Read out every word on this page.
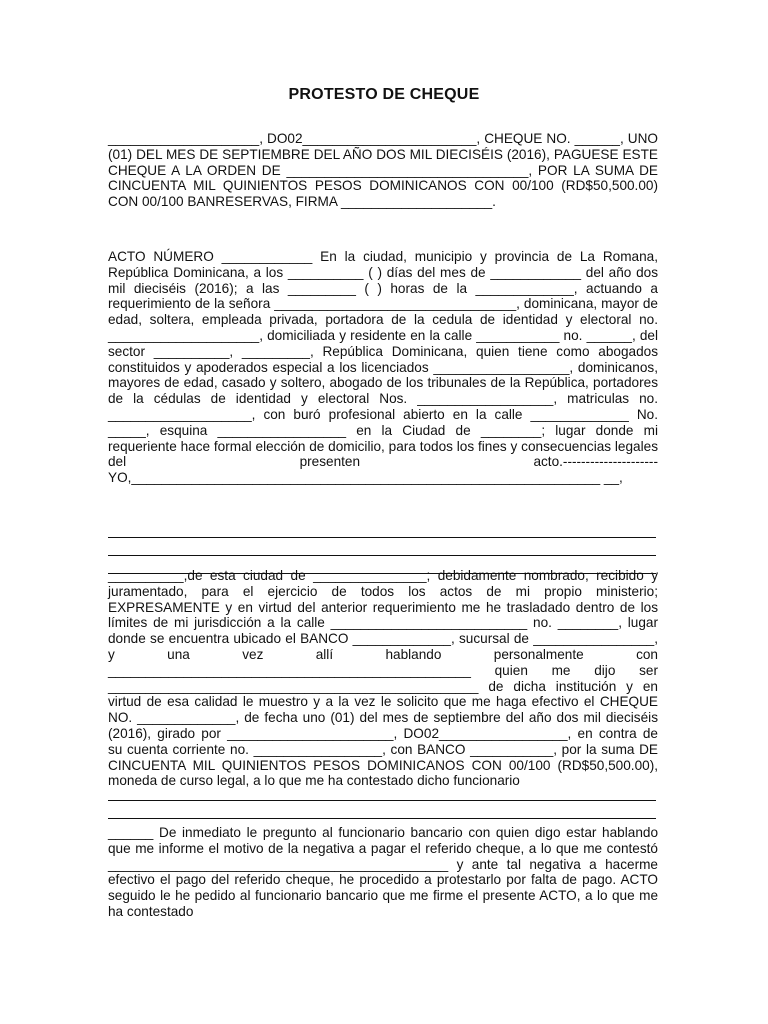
PROTESTO DE CHEQUE

____________________, DO02_______________________, CHEQUE NO. ______, UNO (01) DEL MES DE SEPTIEMBRE DEL AÑO DOS MIL DIECISÉIS (2016), PAGUESE ESTE CHEQUE A LA ORDEN DE ________________________________, POR LA SUMA DE CINCUENTA MIL QUINIENTOS PESOS DOMINICANOS CON 00/100 (RD$50,500.00) CON 00/100 BANRESERVAS, FIRMA ____________________.

ACTO NÚMERO ____________ En la ciudad, municipio y provincia de La Romana, República Dominicana, a los __________ ( ) días del mes de ____________ del año dos mil dieciséis (2016); a las _________ ( ) horas de la _____________, actuando a requerimiento de la señora ________________________________, dominicana, mayor de edad, soltera, empleada privada, portadora de la cedula de identidad y electoral no. ____________________, domiciliada y residente en la calle ___________ no. ______, del sector __________, _________, República Dominicana, quien tiene como abogados constituidos y apoderados especial a los licenciados __________________, dominicanos, mayores de edad, casado y soltero, abogado de los tribunales de la República, portadores de la cédulas de identidad y electoral Nos. __________________, matriculas no. ___________________, con buró profesional abierto en la calle _____________ No. _____, esquina _________________ en la Ciudad de ________; lugar donde mi requeriente hace formal elección de domicilio, para todos los fines y consecuencias legales del presenten acto.---------------------YO,______________________________________________________________ __,

__________,de esta ciudad de _______________; debidamente nombrado, recibido y juramentado, para el ejercicio de todos los actos de mi propio ministerio; EXPRESAMENTE y en virtud del anterior requerimiento me he trasladado dentro de los límites de mi jurisdicción a la calle __________________________ no. ________, lugar donde se encuentra ubicado el BANCO _____________, sucursal de ________________, y una vez allí hablando personalmente con ________________________________________________ quien me dijo ser _________________________________________________ de dicha institución y en virtud de esa calidad le muestro y a la vez le solicito que me haga efectivo el CHEQUE NO. _____________, de fecha uno (01) del mes de septiembre del año dos mil dieciséis (2016), girado por ______________________, DO02_________________, en contra de su cuenta corriente no. _________________, con BANCO ___________, por la suma DE CINCUENTA MIL QUINIENTOS PESOS DOMINICANOS CON 00/100 (RD$50,500.00), moneda de curso legal, a lo que me ha contestado dicho funcionario

______ De inmediato le pregunto al funcionario bancario con quien digo estar hablando que me informe el motivo de la negativa a pagar el referido cheque, a lo que me contestó _____________________________________________ y ante tal negativa a hacerme efectivo el pago del referido cheque, he procedido a protestarlo por falta de pago. ACTO seguido le he pedido al funcionario bancario que me firme el presente ACTO, a lo que me ha contestado
